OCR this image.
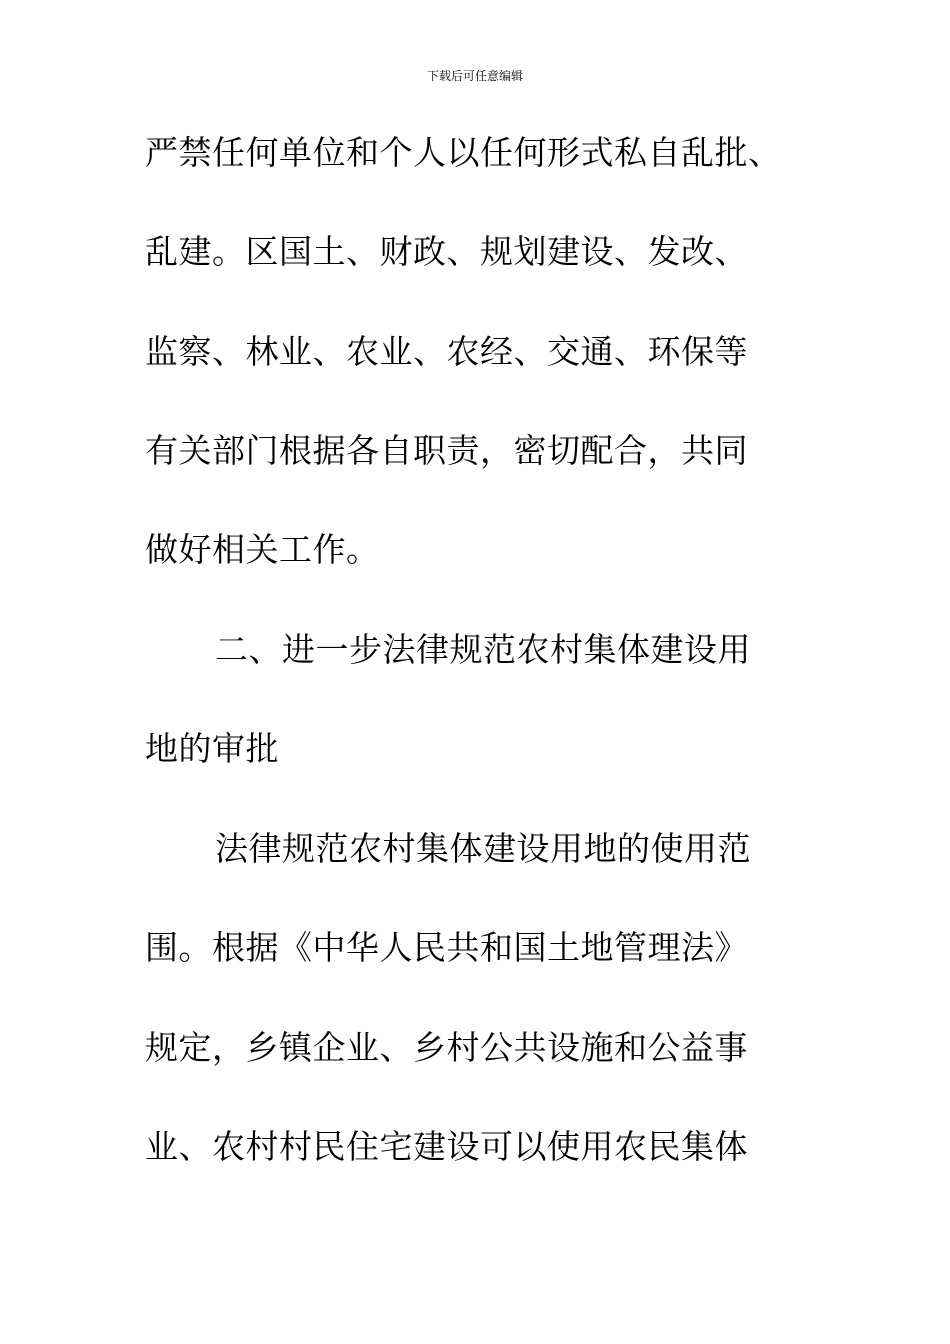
下载后可任意编辑
严禁任何单位和个人以任何形式私自乱批、
乱建。区国土、财政、规划建设、发改、
监察、林业、农业、农经、交通、环保等
有关部门根据各自职责，密切配合，共同
做好相关工作。
二、进一步法律规范农村集体建设用
地的审批
法律规范农村集体建设用地的使用范
围。根据《中华人民共和国土地管理法》
规定，乡镇企业、乡村公共设施和公益事
业、农村村民住宅建设可以使用农民集体
